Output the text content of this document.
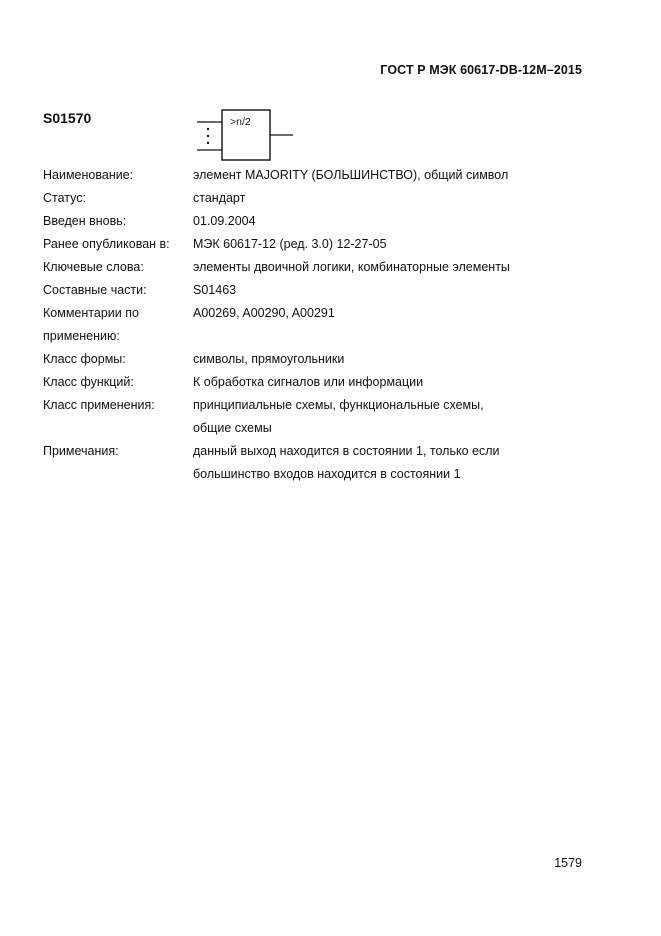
ГОСТ Р МЭК 60617-DB-12M–2015
S01570	>n/2
Наименование:	элемент MAJORITY (БОЛЬШИНСТВО), общий символ
Статус:	стандарт
Введен вновь:	01.09.2004
Ранее опубликован в:	МЭК 60617-12 (ред. 3.0) 12-27-05
Ключевые слова:	элементы двоичной логики, комбинаторные элементы
Составные части:	S01463
Комментарии по применению:
A00269, A00290, A00291
Класс формы:	символы, прямоугольники
Класс функций:	К обработка сигналов или информации
Класс применения:	принципиальные схемы, функциональные схемы, общие схемы
Примечания:	данный выход находится в состоянии 1, только если большинство входов находится в состоянии 1
1579
